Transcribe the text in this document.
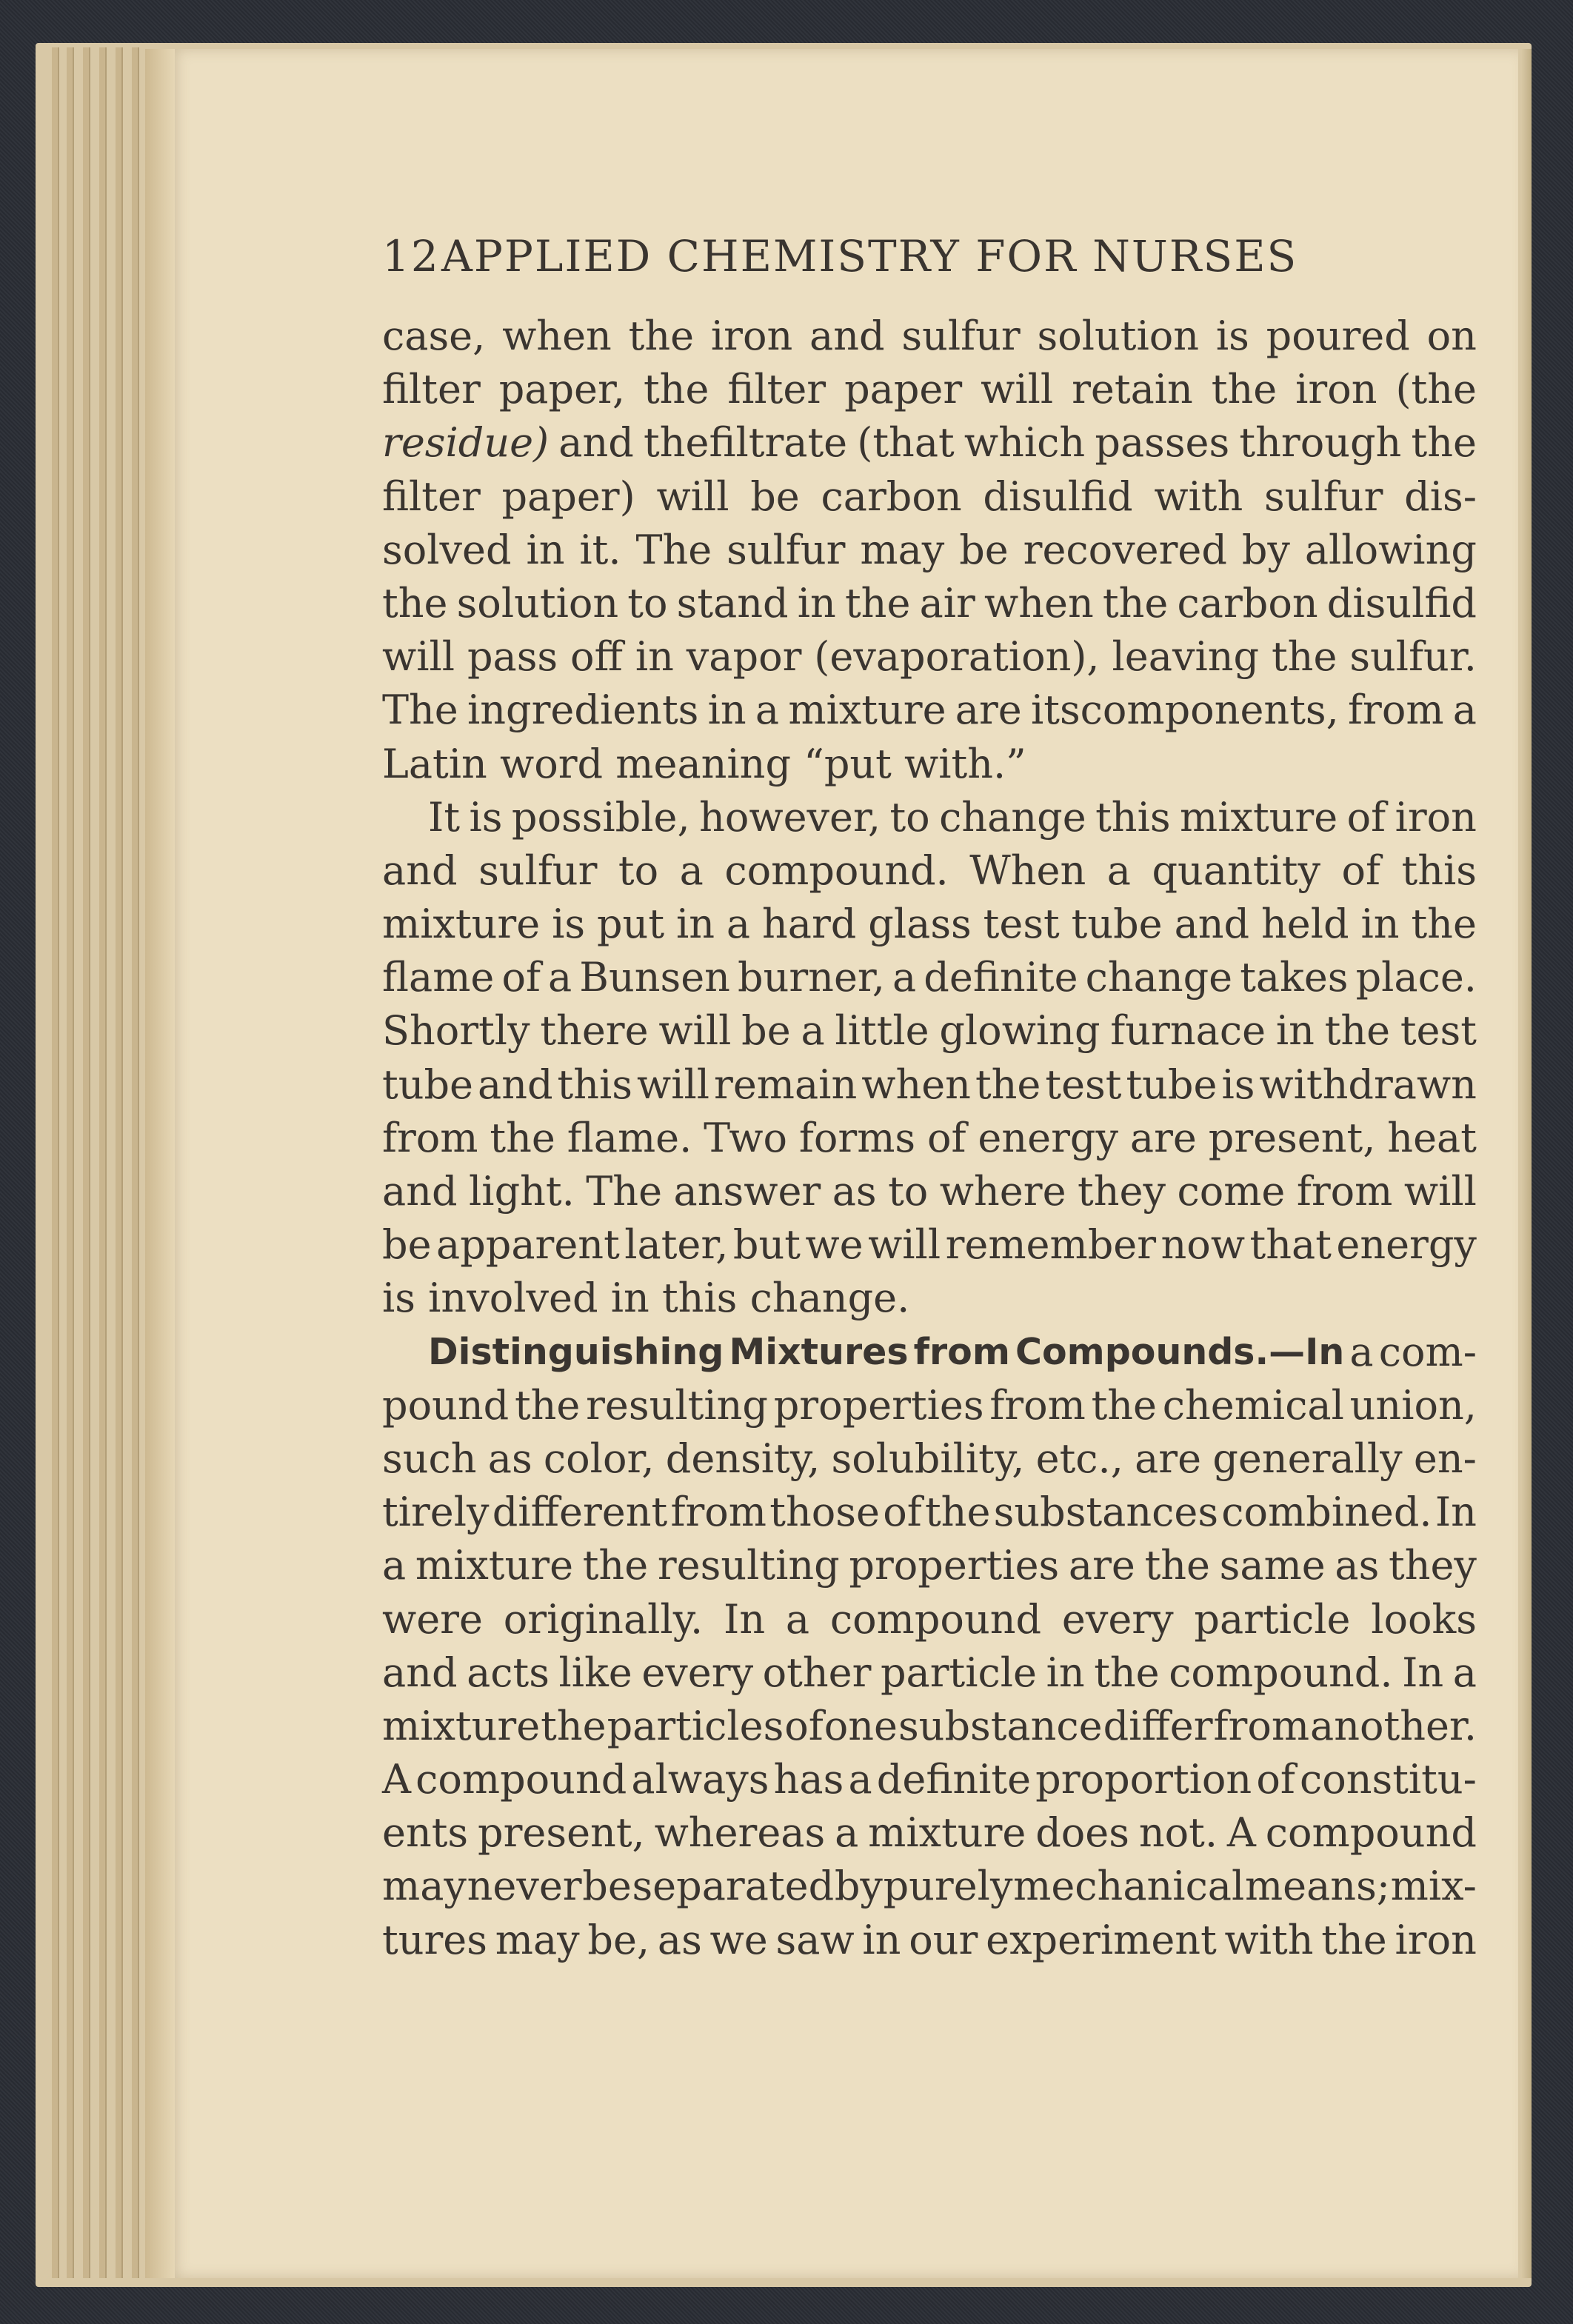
12 APPLIED CHEMISTRY FOR NURSES
case, when the iron and sulfur solution is poured on
filter paper, the filter paper will retain the iron (the
residue) and thefiltrate (that which passes through the
filter paper) will be carbon disulfid with sulfur dis-
solved in it. The sulfur may be recovered by allowing
the solution to stand in the air when the carbon disulfid
will pass off in vapor (evaporation), leaving the sulfur.
The ingredients in a mixture are itscomponents, from a
Latin
word
meaning
“put
with.”

It is possible, however, to change this mixture of iron
and sulfur to a compound. When a quantity of this
mixture is put in a hard glass test tube and held in the
flame of a Bunsen burner, a definite change takes place.
Shortly there will be a little glowing furnace in the test
tube and this will remain when the test tube is withdrawn
from the flame. Two forms of energy are present, heat
and light. The answer as to where they come from will
be apparent later, but we will remember now that energy
is
involved
in
this
change.

Distinguishing Mixtures from Compounds.—In a com-
pound the resulting properties from the chemical union,
such as color, density, solubility, etc., are generally en-
tirely different from those of the substances combined. In
a mixture the resulting properties are the same as they
were originally. In a compound every particle looks
and acts like every other particle in the compound. In a
mixture the particles of one substance differ from another.
A compound always has a definite proportion of constitu-
ents present, whereas a mixture does not. A compound
may never be separated by purely mechanical means; mix-
tures may be, as we saw in our experiment with the iron
